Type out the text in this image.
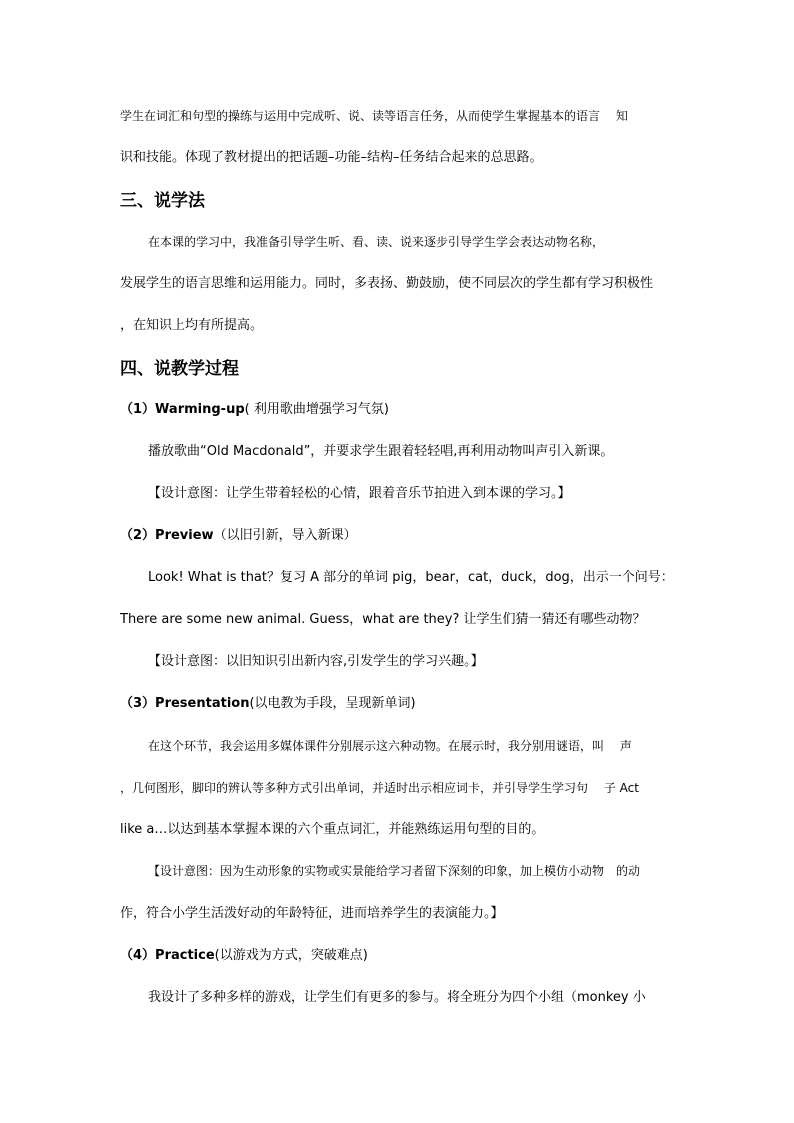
学生在词汇和句型的操练与运用中完成听、说、读等语言任务，从而使学生掌握基本的语言　 知
识和技能。体现了教材提出的把话题–功能–结构–任务结合起来的总思路。
三、说学法
在本课的学习中，我准备引导学生听、看、读、说来逐步引导学生学会表达动物名称，
发展学生的语言思维和运用能力。同时，多表扬、勤鼓励，使不同层次的学生都有学习积极性
，在知识上均有所提高。
四、说教学过程
（1）Warming-up( 利用歌曲增强学习气氛)
播放歌曲“Old Macdonald”，并要求学生跟着轻轻唱,再利用动物叫声引入新课。
【设计意图：让学生带着轻松的心情，跟着音乐节拍进入到本课的学习。】
（2）Preview（以旧引新，导入新课）
Look! What is that？复习 A 部分的单词 pig，bear，cat，duck，dog，出示一个问号：
There are some new animal. Guess，what are they? 让学生们猜一猜还有哪些动物？
【设计意图：以旧知识引出新内容,引发学生的学习兴趣。】
（3）Presentation(以电教为手段，呈现新单词)
在这个环节，我会运用多媒体课件分别展示这六种动物。在展示时，我分别用谜语，叫　 声
，几何图形，脚印的辨认等多种方式引出单词，并适时出示相应词卡，并引导学生学习句　 子 Act
like a…以达到基本掌握本课的六个重点词汇，并能熟练运用句型的目的。
【设计意图：因为生动形象的实物或实景能给学习者留下深刻的印象，加上模仿小动物　的动
作，符合小学生活泼好动的年龄特征，进而培养学生的表演能力。】
（4）Practice(以游戏为方式，突破难点)
我设计了多种多样的游戏，让学生们有更多的参与。将全班分为四个小组（monkey 小
